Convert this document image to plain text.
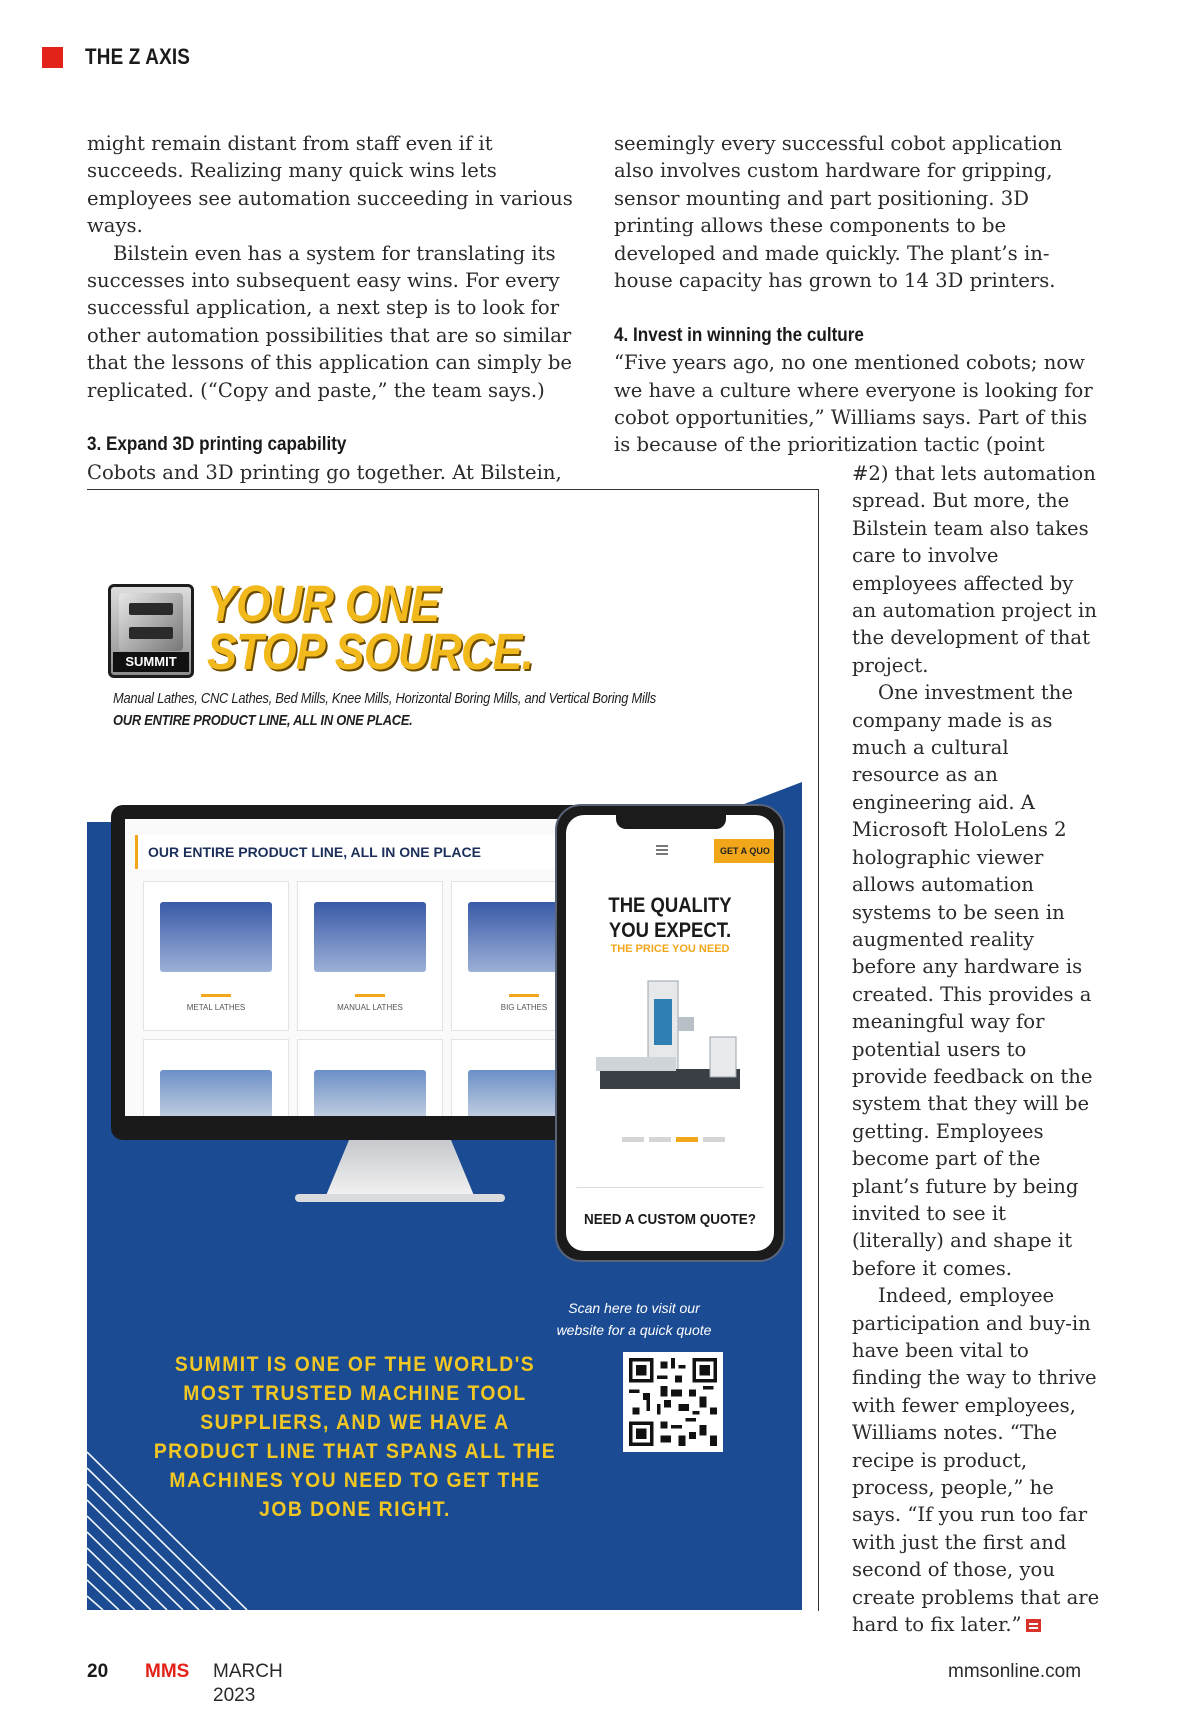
THE Z AXIS

might remain distant from staff even if it succeeds. Realizing many quick wins lets employees see automation succeeding in various ways.

Bilstein even has a system for translating its successes into subsequent easy wins. For every successful application, a next step is to look for other automation possibilities that are so similar that the lessons of this application can simply be replicated. (“Copy and paste,” the team says.)

3. Expand 3D printing capability

Cobots and 3D printing go together. At Bilstein,

seemingly every successful cobot application also involves custom hardware for gripping, sensor mounting and part positioning. 3D printing allows these components to be developed and made quickly. The plant’s in-house capacity has grown to 14 3D printers.

4. Invest in winning the culture

“Five years ago, no one mentioned cobots; now we have a culture where everyone is looking for cobot opportunities,” Williams says. Part of this is because of the prioritization tactic (point

#2) that lets automation spread. But more, the Bilstein team also takes care to involve employees affected by an automation project in the development of that project.

One investment the company made is as much a cultural resource as an engineering aid. A Microsoft HoloLens 2 holographic viewer allows automation systems to be seen in augmented reality before any hardware is created. This provides a meaningful way for potential users to provide feedback on the system that they will be getting. Employees become part of the plant’s future by being invited to see it (literally) and shape it before it comes.

Indeed, employee participation and buy-in have been vital to finding the way to thrive with fewer employees, Williams notes. “The recipe is product, process, people,” he says. “If you run too far with just the first and second of those, you create problems that are hard to fix later.”

SUMMIT
YOUR ONE
STOP SOURCE.
Manual Lathes, CNC Lathes, Bed Mills, Knee Mills, Horizontal Boring Mills, and Vertical Boring Mills
OUR ENTIRE PRODUCT LINE, ALL IN ONE PLACE.
OUR ENTIRE PRODUCT LINE, ALL IN ONE PLACE
METAL LATHES	MANUAL LATHES	BIG LATHES
GET A QUO
THE QUALITY
YOU EXPECT.
THE PRICE YOU NEED
NEED A CUSTOM QUOTE?
Scan here to visit our
website for a quick quote
SUMMIT IS ONE OF THE WORLD'S MOST TRUSTED MACHINE TOOL SUPPLIERS, AND WE HAVE A PRODUCT LINE THAT SPANS ALL THE MACHINES YOU NEED TO GET THE JOB DONE RIGHT.
20 MMS MARCH 2023
mmsonline.com
